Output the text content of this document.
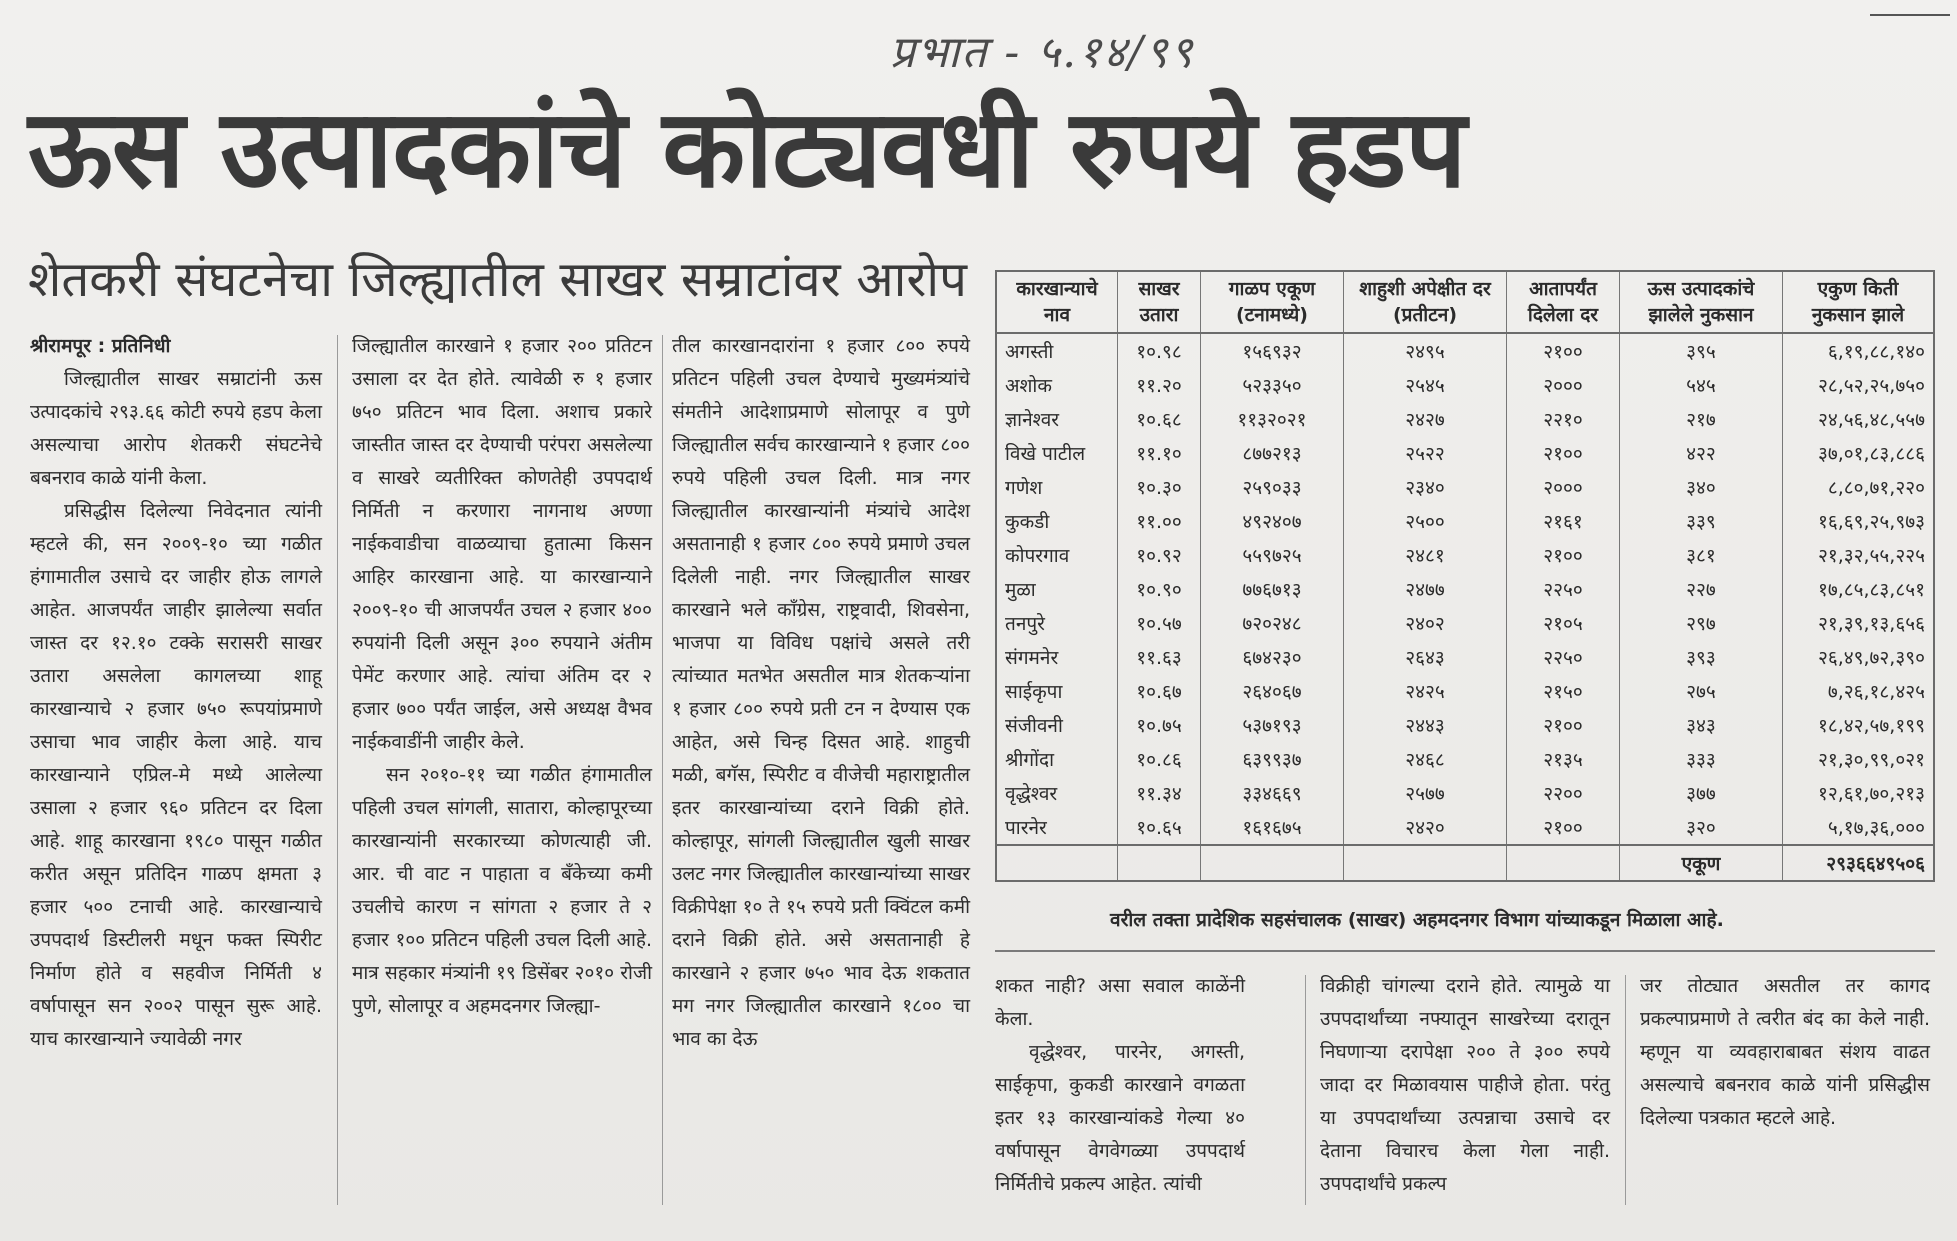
प्रभात - ५.१४/९९
ऊस उत्पादकांचे कोट्यवधी रुपये हडप
शेतकरी संघटनेचा जिल्ह्यातील साखर सम्राटांवर आरोप

श्रीरामपूर : प्रतिनिधी

जिल्ह्यातील साखर सम्राटांनी ऊस उत्पादकांचे २९३.६६ कोटी रुपये हडप केला असल्याचा आरोप शेतकरी संघटनेचे बबनराव काळे यांनी केला.

प्रसिद्धीस दिलेल्या निवेदनात त्यांनी म्हटले की, सन २००९-१० च्या गळीत हंगामातील उसाचे दर जाहीर होऊ लागले आहेत. आजपर्यंत जाहीर झालेल्या सर्वात जास्त दर १२.१० टक्के सरासरी साखर उतारा असलेला कागलच्या शाहू कारखान्याचे २ हजार ७५० रूपयांप्रमाणे उसाचा भाव जाहीर केला आहे. याच कारखान्याने एप्रिल-मे मध्ये आलेल्या उसाला २ हजार ९६० प्रतिटन दर दिला आहे. शाहू कारखाना १९८० पासून गळीत करीत असून प्रतिदिन गाळप क्षमता ३ हजार ५०० टनाची आहे. कारखान्याचे उपपदार्थ डिस्टीलरी मधून फक्त स्पिरीट निर्माण होते व सहवीज निर्मिती ४ वर्षापासून सन २००२ पासून सुरू आहे. याच कारखान्याने ज्यावेळी नगर

जिल्ह्यातील कारखाने १ हजार २०० प्रतिटन उसाला दर देत होते. त्यावेळी रु १ हजार ७५० प्रतिटन भाव दिला. अशाच प्रकारे जास्तीत जास्त दर देण्याची परंपरा असलेल्या व साखरे व्यतीरिक्त कोणतेही उपपदार्थ निर्मिती न करणारा नागनाथ अण्णा नाईकवाडीचा वाळव्याचा हुतात्मा किसन आहिर कारखाना आहे. या कारखान्याने २००९-१० ची आजपर्यंत उचल २ हजार ४०० रुपयांनी दिली असून ३०० रुपयाने अंतीम पेमेंट करणार आहे. त्यांचा अंतिम दर २ हजार ७०० पर्यंत जाईल, असे अध्यक्ष वैभव नाईकवाडींनी जाहीर केले.

सन २०१०-११ च्या गळीत हंगामातील पहिली उचल सांगली, सातारा, कोल्हापूरच्या कारखान्यांनी सरकारच्या कोणत्याही जी. आर. ची वाट न पाहाता व बँकेच्या कमी उचलीचे कारण न सांगता २ हजार ते २ हजार १०० प्रतिटन पहिली उचल दिली आहे. मात्र सहकार मंत्र्यांनी १९ डिसेंबर २०१० रोजी पुणे, सोलापूर व अहमदनगर जिल्ह्या-

तील कारखानदारांना १ हजार ८०० रुपये प्रतिटन पहिली उचल देण्याचे मुख्यमंत्र्यांचे संमतीने आदेशाप्रमाणे सोलापूर व पुणे जिल्ह्यातील सर्वच कारखान्याने १ हजार ८०० रुपये पहिली उचल दिली. मात्र नगर जिल्ह्यातील कारखान्यांनी मंत्र्यांचे आदेश असतानाही १ हजार ८०० रुपये प्रमाणे उचल दिलेली नाही. नगर जिल्ह्यातील साखर कारखाने भले काँग्रेस, राष्ट्रवादी, शिवसेना, भाजपा या विविध पक्षांचे असले तरी त्यांच्यात मतभेत असतील मात्र शेतकऱ्यांना १ हजार ८०० रुपये प्रती टन न देण्यास एक आहेत, असे चिन्ह दिसत आहे. शाहुची मळी, बगॅस, स्पिरीट व वीजेची महाराष्ट्रातील इतर कारखान्यांच्या दराने विक्री होते. कोल्हापूर, सांगली जिल्ह्यातील खुली साखर उलट नगर जिल्ह्यातील कारखान्यांच्या साखर विक्रीपेक्षा १० ते १५ रुपये प्रती क्विंटल कमी दराने विक्री होते. असे असतानाही हे कारखाने २ हजार ७५० भाव देऊ शकतात मग नगर जिल्ह्यातील कारखाने १८०० चा भाव का देऊ

कारखान्याचे नाव	साखर उतारा	गाळप एकूण (टनामध्ये)	शाहुशी अपेक्षीत दर (प्रतीटन)	आतापर्यंत दिलेला दर	ऊस उत्पादकांचे झालेले नुकसान	एकुण किती नुकसान झाले
अगस्ती	१०.९८	१५६९३२	२४९५	२१००	३९५	६,१९,८८,१४०
अशोक	११.२०	५२३३५०	२५४५	२०००	५४५	२८,५२,२५,७५०
ज्ञानेश्वर	१०.६८	११३२०२१	२४२७	२२१०	२१७	२४,५६,४८,५५७
विखे पाटील	११.१०	८७७२१३	२५२२	२१००	४२२	३७,०१,८३,८८६
गणेश	१०.३०	२५९०३३	२३४०	२०००	३४०	८,८०,७१,२२०
कुकडी	११.००	४९२४०७	२५००	२१६१	३३९	१६,६९,२५,९७३
कोपरगाव	१०.९२	५५९७२५	२४८१	२१००	३८१	२१,३२,५५,२२५
मुळा	१०.९०	७७६७१३	२४७७	२२५०	२२७	१७,८५,८३,८५१
तनपुरे	१०.५७	७२०२४८	२४०२	२१०५	२९७	२१,३९,१३,६५६
संगमनेर	११.६३	६७४२३०	२६४३	२२५०	३९३	२६,४९,७२,३९०
साईकृपा	१०.६७	२६४०६७	२४२५	२१५०	२७५	७,२६,१८,४२५
संजीवनी	१०.७५	५३७१९३	२४४३	२१००	३४३	१८,४२,५७,१९९
श्रीगोंदा	१०.८६	६३९९३७	२४६८	२१३५	३३३	२१,३०,९९,०२१
वृद्धेश्वर	११.३४	३३४६६९	२५७७	२२००	३७७	१२,६१,७०,२१३
पारनेर	१०.६५	१६१६७५	२४२०	२१००	३२०	५,१७,३६,०००
					एकूण	२९३६६४९५०६
वरील तक्ता प्रादेशिक सहसंचालक (साखर) अहमदनगर विभाग यांच्याकडून मिळाला आहे.

शकत नाही? असा सवाल काळेंनी केला.

वृद्धेश्वर, पारनेर, अगस्ती, साईकृपा, कुकडी कारखाने वगळता इतर १३ कारखान्यांकडे गेल्या ४० वर्षापासून वेगवेगळ्या उपपदार्थ निर्मितीचे प्रकल्प आहेत. त्यांची

विक्रीही चांगल्या दराने होते. त्यामुळे या उपपदार्थांच्या नफ्यातून साखरेच्या दरातून निघणाऱ्या दरापेक्षा २०० ते ३०० रुपये जादा दर मिळावयास पाहीजे होता. परंतु या उपपदार्थांच्या उत्पन्नाचा उसाचे दर देताना विचारच केला गेला नाही. उपपदार्थांचे प्रकल्प

जर तोट्यात असतील तर कागद प्रकल्पाप्रमाणे ते त्वरीत बंद का केले नाही. म्हणून या व्यवहाराबाबत संशय वाढत असल्याचे बबनराव काळे यांनी प्रसिद्धीस दिलेल्या पत्रकात म्हटले आहे.
